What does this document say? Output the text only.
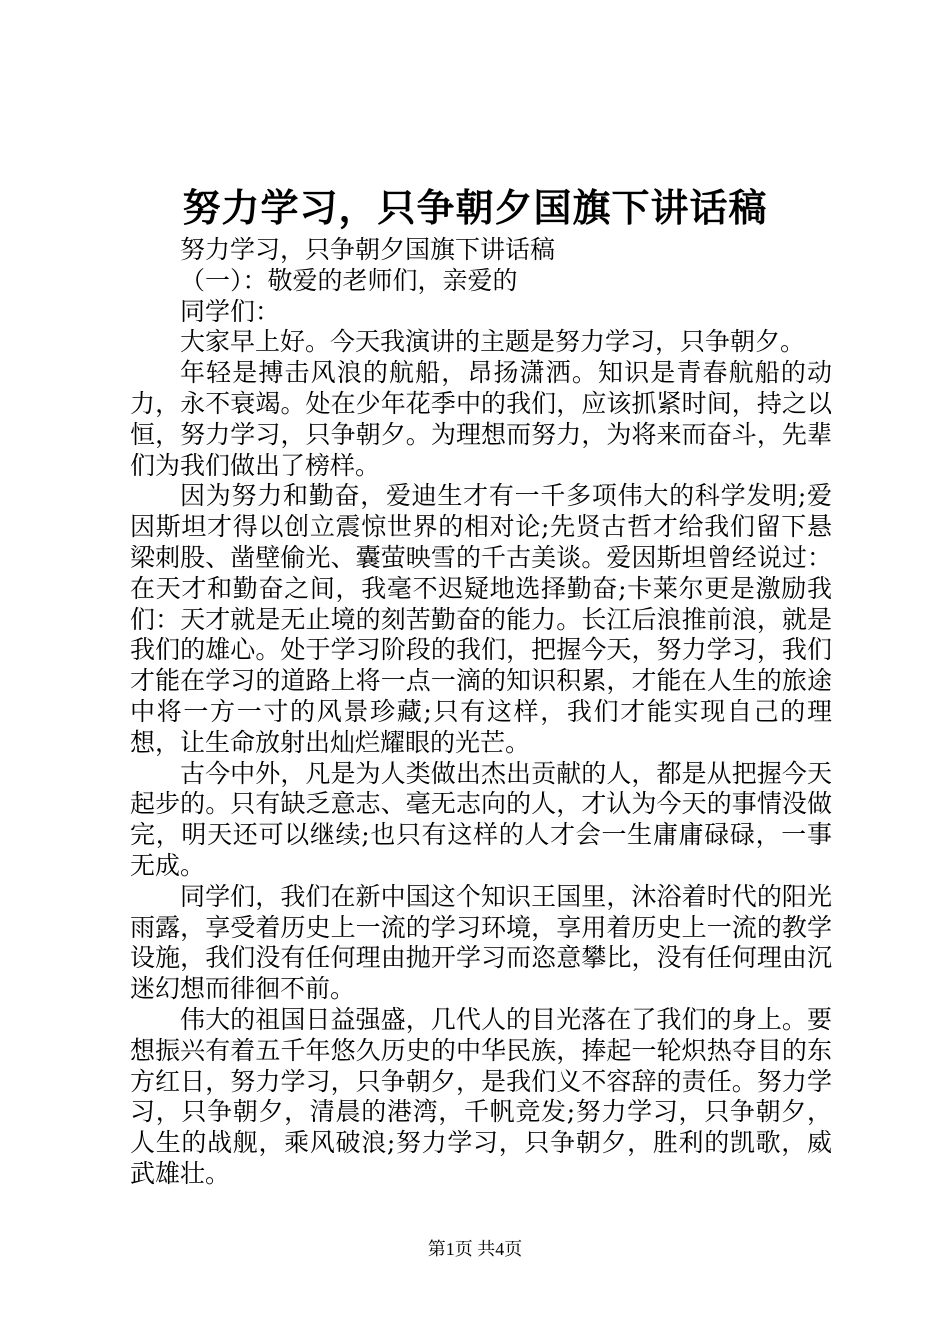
努力学习，只争朝夕国旗下讲话稿

努力学习，只争朝夕国旗下讲话稿

（一）：敬爱的老师们，亲爱的

同学们：

大家早上好。今天我演讲的主题是努力学习，只争朝夕。

年轻是搏击风浪的航船，昂扬潇洒。知识是青春航船的动力，永不衰竭。处在少年花季中的我们，应该抓紧时间，持之以恒，努力学习，只争朝夕。为理想而努力，为将来而奋斗，先辈们为我们做出了榜样。

因为努力和勤奋，爱迪生才有一千多项伟大的科学发明;爱因斯坦才得以创立震惊世界的相对论;先贤古哲才给我们留下悬梁刺股、凿壁偷光、囊萤映雪的千古美谈。爱因斯坦曾经说过：在天才和勤奋之间，我毫不迟疑地选择勤奋;卡莱尔更是激励我们：天才就是无止境的刻苦勤奋的能力。长江后浪推前浪，就是我们的雄心。处于学习阶段的我们，把握今天，努力学习，我们才能在学习的道路上将一点一滴的知识积累，才能在人生的旅途中将一方一寸的风景珍藏;只有这样，我们才能实现自己的理想，让生命放射出灿烂耀眼的光芒。

古今中外，凡是为人类做出杰出贡献的人，都是从把握今天起步的。只有缺乏意志、毫无志向的人，才认为今天的事情没做完，明天还可以继续;也只有这样的人才会一生庸庸碌碌，一事无成。

同学们，我们在新中国这个知识王国里，沐浴着时代的阳光雨露，享受着历史上一流的学习环境，享用着历史上一流的教学设施，我们没有任何理由抛开学习而恣意攀比，没有任何理由沉迷幻想而徘徊不前。

伟大的祖国日益强盛，几代人的目光落在了我们的身上。要想振兴有着五千年悠久历史的中华民族，捧起一轮炽热夺目的东方红日，努力学习，只争朝夕，是我们义不容辞的责任。努力学习，只争朝夕，清晨的港湾，千帆竞发;努力学习，只争朝夕，人生的战舰，乘风破浪;努力学习，只争朝夕，胜利的凯歌，威武雄壮。

第1页 共4页
